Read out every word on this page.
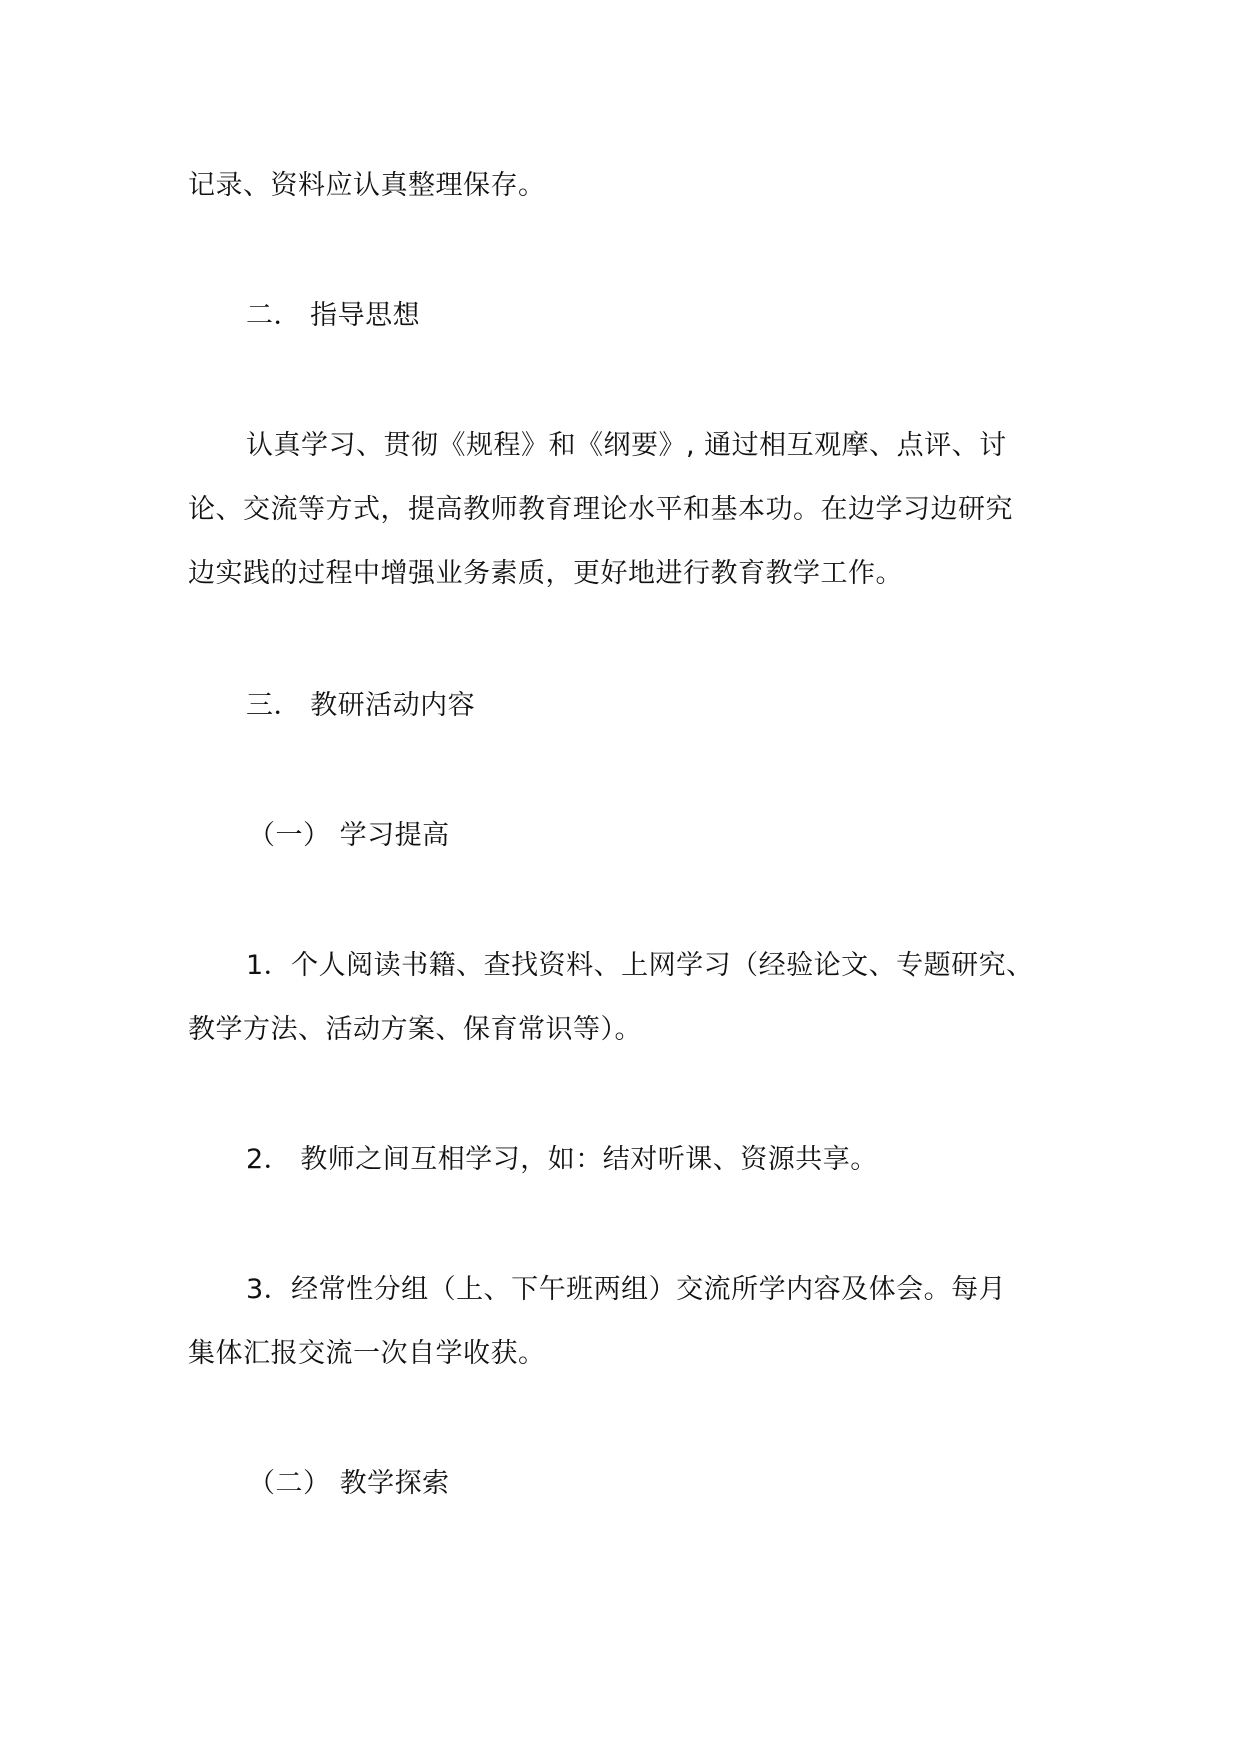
记录、资料应认真整理保存。
二． 指导思想
认真学习、贯彻《规程》和《纲要》, 通过相互观摩、点评、讨
论、交流等方式，提高教师教育理论水平和基本功。在边学习边研究
边实践的过程中增强业务素质，更好地进行教育教学工作。
三． 教研活动内容
（一） 学习提高
1．个人阅读书籍、查找资料、上网学习（经验论文、专题研究、
教学方法、活动方案、保育常识等）。
2． 教师之间互相学习，如：结对听课、资源共享。
3．经常性分组（上、下午班两组）交流所学内容及体会。每月
集体汇报交流一次自学收获。
（二） 教学探索
